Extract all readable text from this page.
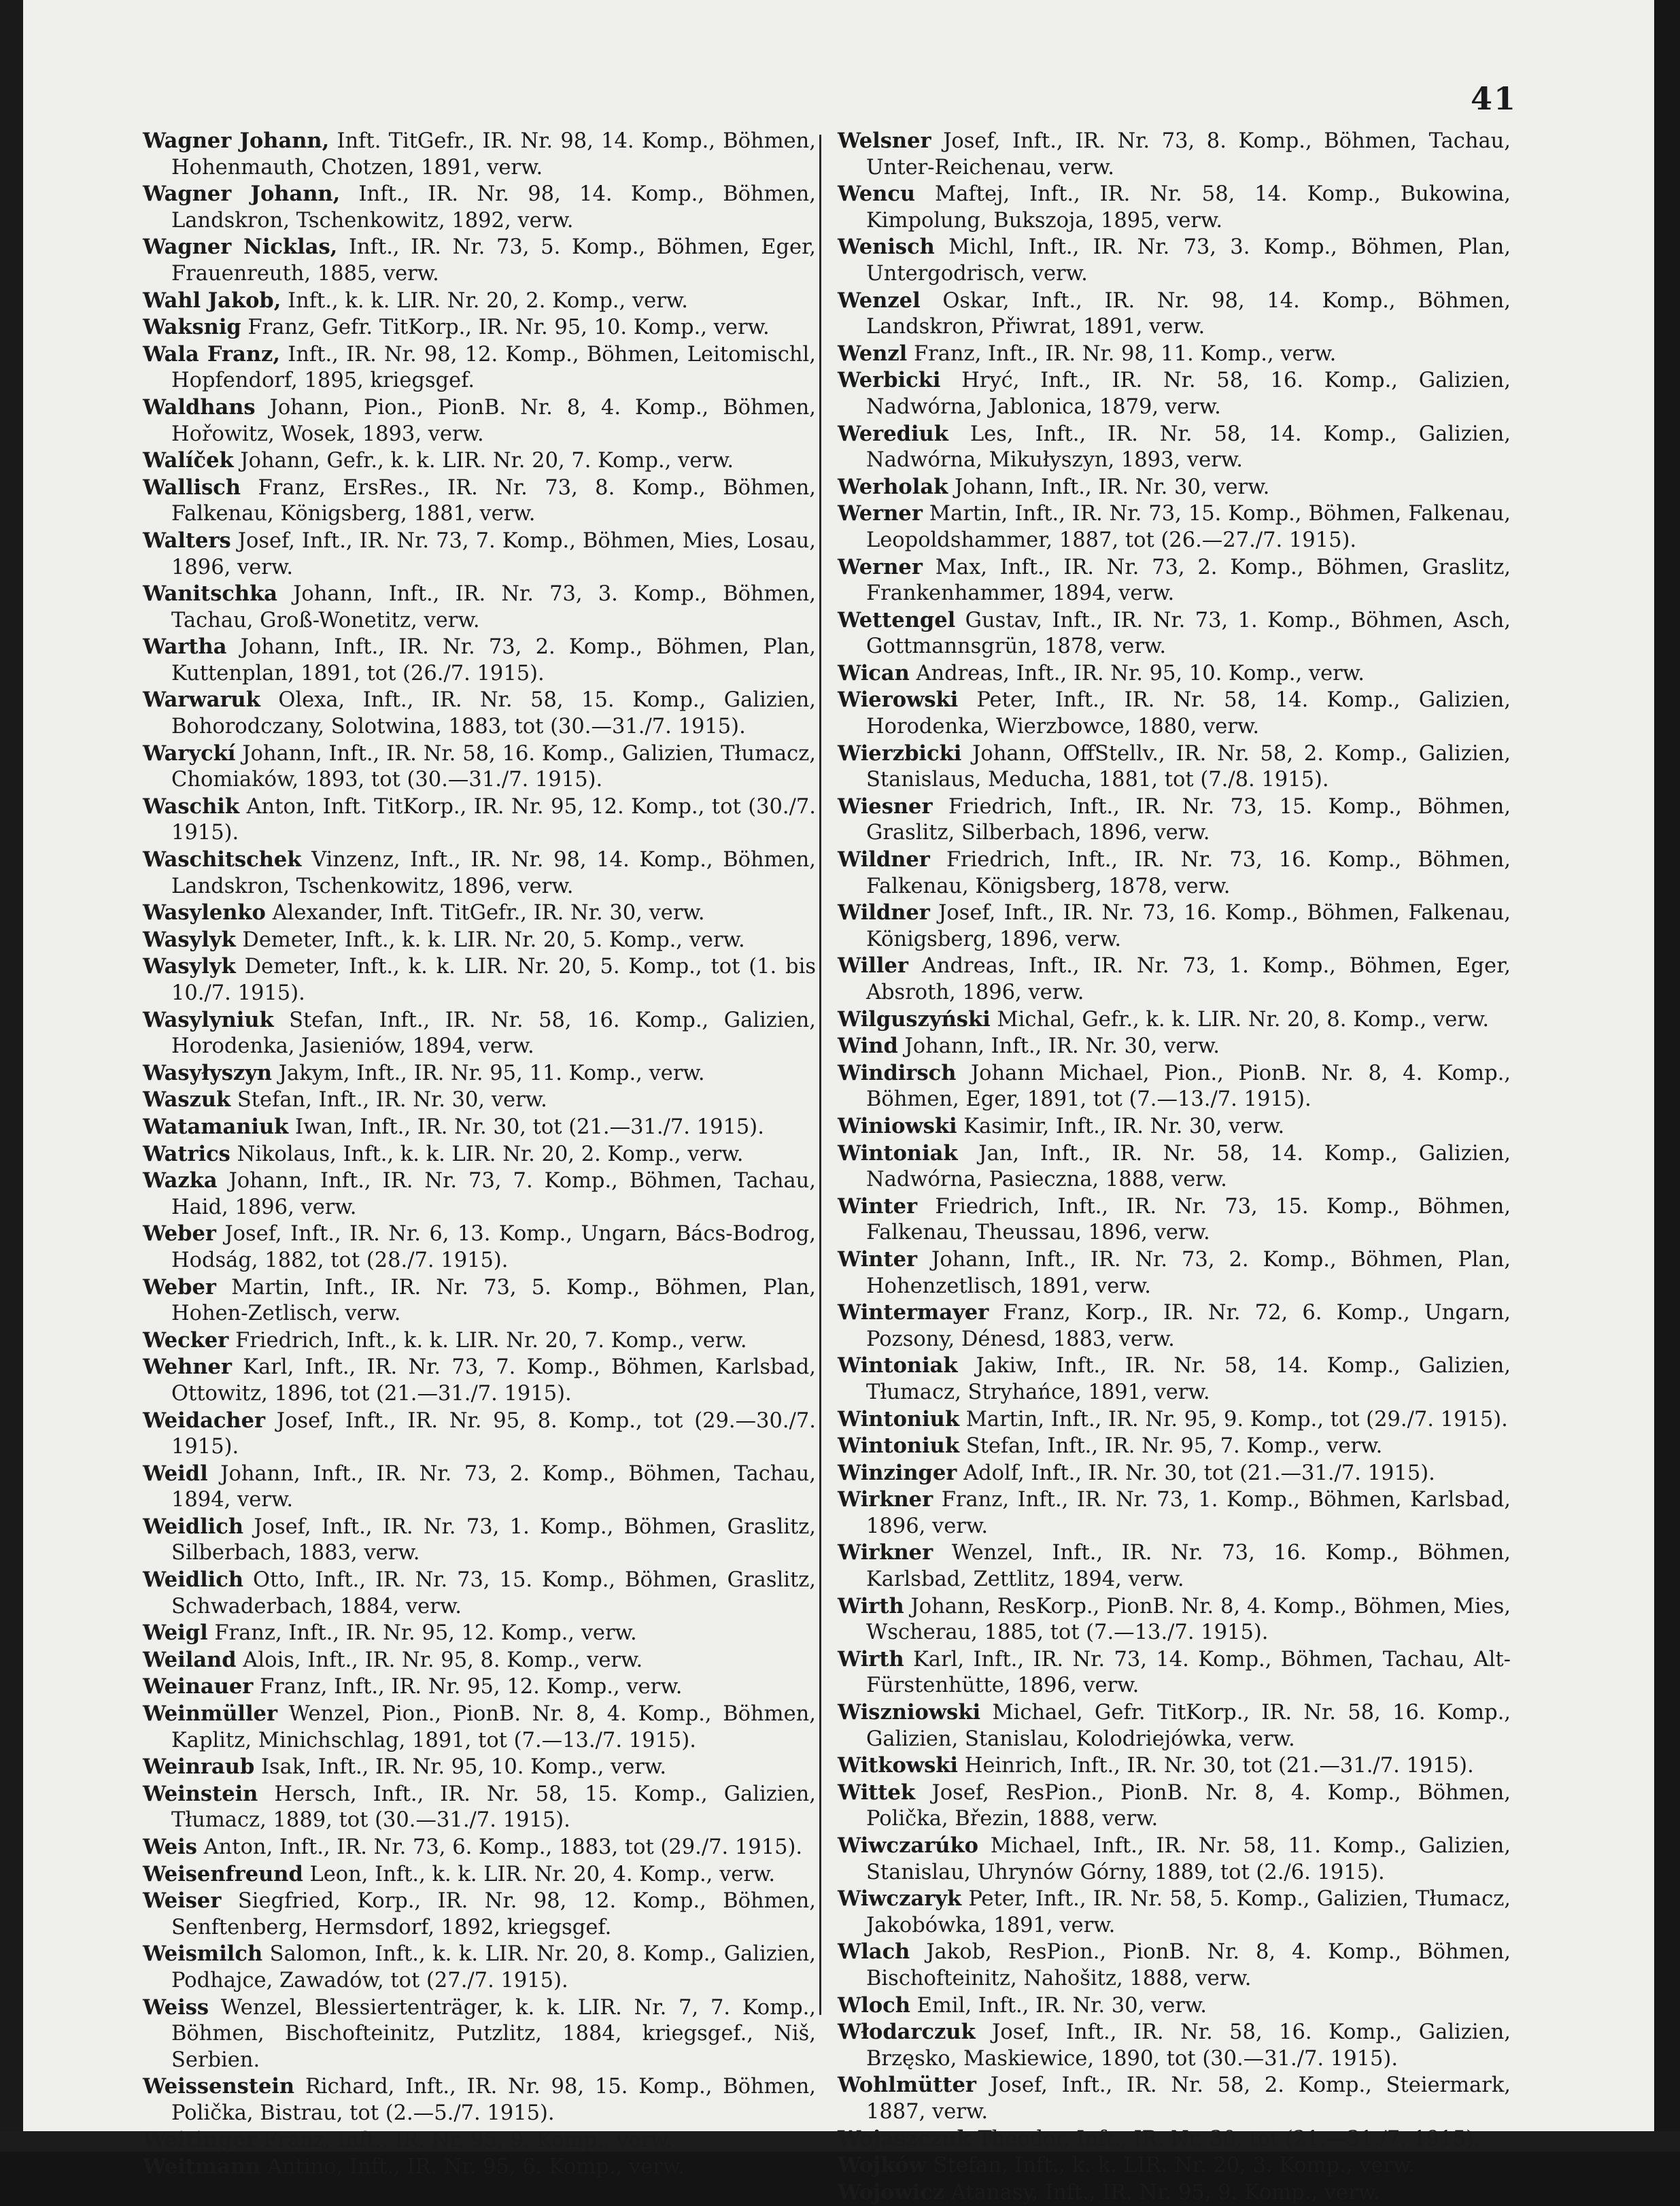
41
Wagner Johann, Inft. TitGefr., IR. Nr. 98, 14. Komp., Böhmen, Hohenmauth, Chotzen, 1891, verw.
Wagner Johann, Inft., IR. Nr. 98, 14. Komp., Böhmen, Landskron, Tschenkowitz, 1892, verw.
Wagner Nicklas, Inft., IR. Nr. 73, 5. Komp., Böhmen, Eger, Frauenreuth, 1885, verw.
Wahl Jakob, Inft., k. k. LIR. Nr. 20, 2. Komp., verw.
Waksnig Franz, Gefr. TitKorp., IR. Nr. 95, 10. Komp., verw.
Wala Franz, Inft., IR. Nr. 98, 12. Komp., Böhmen, Leitomischl, Hopfendorf, 1895, kriegsgef.
Waldhans Johann, Pion., PionB. Nr. 8, 4. Komp., Böhmen, Hořowitz, Wosek, 1893, verw.
Walíček Johann, Gefr., k. k. LIR. Nr. 20, 7. Komp., verw.
Wallisch Franz, ErsRes., IR. Nr. 73, 8. Komp., Böhmen, Falkenau, Königsberg, 1881, verw.
Walters Josef, Inft., IR. Nr. 73, 7. Komp., Böhmen, Mies, Losau, 1896, verw.
Wanitschka Johann, Inft., IR. Nr. 73, 3. Komp., Böhmen, Tachau, Groß-Wonetitz, verw.
Wartha Johann, Inft., IR. Nr. 73, 2. Komp., Böhmen, Plan, Kuttenplan, 1891, tot (26./7. 1915).
Warwaruk Olexa, Inft., IR. Nr. 58, 15. Komp., Galizien, Bohorodczany, Solotwina, 1883, tot (30.—31./7. 1915).
Waryckí Johann, Inft., IR. Nr. 58, 16. Komp., Galizien, Tłumacz, Chomiaków, 1893, tot (30.—31./7. 1915).
Waschik Anton, Inft. TitKorp., IR. Nr. 95, 12. Komp., tot (30./7. 1915).
Waschitschek Vinzenz, Inft., IR. Nr. 98, 14. Komp., Böhmen, Landskron, Tschenkowitz, 1896, verw.
Wasylenko Alexander, Inft. TitGefr., IR. Nr. 30, verw.
Wasylyk Demeter, Inft., k. k. LIR. Nr. 20, 5. Komp., verw.
Wasylyk Demeter, Inft., k. k. LIR. Nr. 20, 5. Komp., tot (1. bis 10./7. 1915).
Wasylyniuk Stefan, Inft., IR. Nr. 58, 16. Komp., Galizien, Horodenka, Jasieniów, 1894, verw.
Wasyłyszyn Jakym, Inft., IR. Nr. 95, 11. Komp., verw.
Waszuk Stefan, Inft., IR. Nr. 30, verw.
Watamaniuk Iwan, Inft., IR. Nr. 30, tot (21.—31./7. 1915).
Watrics Nikolaus, Inft., k. k. LIR. Nr. 20, 2. Komp., verw.
Wazka Johann, Inft., IR. Nr. 73, 7. Komp., Böhmen, Tachau, Haid, 1896, verw.
Weber Josef, Inft., IR. Nr. 6, 13. Komp., Ungarn, Bács-Bodrog, Hodság, 1882, tot (28./7. 1915).
Weber Martin, Inft., IR. Nr. 73, 5. Komp., Böhmen, Plan, Hohen-Zetlisch, verw.
Wecker Friedrich, Inft., k. k. LIR. Nr. 20, 7. Komp., verw.
Wehner Karl, Inft., IR. Nr. 73, 7. Komp., Böhmen, Karlsbad, Ottowitz, 1896, tot (21.—31./7. 1915).
Weidacher Josef, Inft., IR. Nr. 95, 8. Komp., tot (29.—30./7. 1915).
Weidl Johann, Inft., IR. Nr. 73, 2. Komp., Böhmen, Tachau, 1894, verw.
Weidlich Josef, Inft., IR. Nr. 73, 1. Komp., Böhmen, Graslitz, Silberbach, 1883, verw.
Weidlich Otto, Inft., IR. Nr. 73, 15. Komp., Böhmen, Graslitz, Schwaderbach, 1884, verw.
Weigl Franz, Inft., IR. Nr. 95, 12. Komp., verw.
Weiland Alois, Inft., IR. Nr. 95, 8. Komp., verw.
Weinauer Franz, Inft., IR. Nr. 95, 12. Komp., verw.
Weinmüller Wenzel, Pion., PionB. Nr. 8, 4. Komp., Böhmen, Kaplitz, Minichschlag, 1891, tot (7.—13./7. 1915).
Weinraub Isak, Inft., IR. Nr. 95, 10. Komp., verw.
Weinstein Hersch, Inft., IR. Nr. 58, 15. Komp., Galizien, Tłumacz, 1889, tot (30.—31./7. 1915).
Weis Anton, Inft., IR. Nr. 73, 6. Komp., 1883, tot (29./7. 1915).
Weisenfreund Leon, Inft., k. k. LIR. Nr. 20, 4. Komp., verw.
Weiser Siegfried, Korp., IR. Nr. 98, 12. Komp., Böhmen, Senftenberg, Hermsdorf, 1892, kriegsgef.
Weismilch Salomon, Inft., k. k. LIR. Nr. 20, 8. Komp., Galizien, Podhajce, Zawadów, tot (27./7. 1915).
Weiss Wenzel, Blessiertenträger, k. k. LIR. Nr. 7, 7. Komp., Böhmen, Bischofteinitz, Putzlitz, 1884, kriegsgef., Niš, Serbien.
Weissenstein Richard, Inft., IR. Nr. 98, 15. Komp., Böhmen, Polička, Bistrau, tot (2.—5./7. 1915).
Weitinger Franz, Inft., IR. Nr. 95, 9. Komp., verw.
Weitmann Antino, Inft., IR. Nr. 95, 6. Komp., verw.
Welsner Josef, Inft., IR. Nr. 73, 8. Komp., Böhmen, Tachau, Unter-Reichenau, verw.
Wencu Maftej, Inft., IR. Nr. 58, 14. Komp., Bukowina, Kimpolung, Bukszoja, 1895, verw.
Wenisch Michl, Inft., IR. Nr. 73, 3. Komp., Böhmen, Plan, Untergodrisch, verw.
Wenzel Oskar, Inft., IR. Nr. 98, 14. Komp., Böhmen, Landskron, Přiwrat, 1891, verw.
Wenzl Franz, Inft., IR. Nr. 98, 11. Komp., verw.
Werbicki Hryć, Inft., IR. Nr. 58, 16. Komp., Galizien, Nadwórna, Jablonica, 1879, verw.
Werediuk Les, Inft., IR. Nr. 58, 14. Komp., Galizien, Nadwórna, Mikułyszyn, 1893, verw.
Werholak Johann, Inft., IR. Nr. 30, verw.
Werner Martin, Inft., IR. Nr. 73, 15. Komp., Böhmen, Falkenau, Leopoldshammer, 1887, tot (26.—27./7. 1915).
Werner Max, Inft., IR. Nr. 73, 2. Komp., Böhmen, Graslitz, Frankenhammer, 1894, verw.
Wettengel Gustav, Inft., IR. Nr. 73, 1. Komp., Böhmen, Asch, Gottmannsgrün, 1878, verw.
Wican Andreas, Inft., IR. Nr. 95, 10. Komp., verw.
Wierowski Peter, Inft., IR. Nr. 58, 14. Komp., Galizien, Horodenka, Wierzbowce, 1880, verw.
Wierzbicki Johann, OffStellv., IR. Nr. 58, 2. Komp., Galizien, Stanislaus, Meducha, 1881, tot (7./8. 1915).
Wiesner Friedrich, Inft., IR. Nr. 73, 15. Komp., Böhmen, Graslitz, Silberbach, 1896, verw.
Wildner Friedrich, Inft., IR. Nr. 73, 16. Komp., Böhmen, Falkenau, Königsberg, 1878, verw.
Wildner Josef, Inft., IR. Nr. 73, 16. Komp., Böhmen, Falkenau, Königsberg, 1896, verw.
Willer Andreas, Inft., IR. Nr. 73, 1. Komp., Böhmen, Eger, Absroth, 1896, verw.
Wilguszyński Michal, Gefr., k. k. LIR. Nr. 20, 8. Komp., verw.
Wind Johann, Inft., IR. Nr. 30, verw.
Windirsch Johann Michael, Pion., PionB. Nr. 8, 4. Komp., Böhmen, Eger, 1891, tot (7.—13./7. 1915).
Winiowski Kasimir, Inft., IR. Nr. 30, verw.
Wintoniak Jan, Inft., IR. Nr. 58, 14. Komp., Galizien, Nadwórna, Pasieczna, 1888, verw.
Winter Friedrich, Inft., IR. Nr. 73, 15. Komp., Böhmen, Falkenau, Theussau, 1896, verw.
Winter Johann, Inft., IR. Nr. 73, 2. Komp., Böhmen, Plan, Hohenzetlisch, 1891, verw.
Wintermayer Franz, Korp., IR. Nr. 72, 6. Komp., Ungarn, Pozsony, Dénesd, 1883, verw.
Wintoniak Jakiw, Inft., IR. Nr. 58, 14. Komp., Galizien, Tłumacz, Stryhańce, 1891, verw.
Wintoniuk Martin, Inft., IR. Nr. 95, 9. Komp., tot (29./7. 1915).
Wintoniuk Stefan, Inft., IR. Nr. 95, 7. Komp., verw.
Winzinger Adolf, Inft., IR. Nr. 30, tot (21.—31./7. 1915).
Wirkner Franz, Inft., IR. Nr. 73, 1. Komp., Böhmen, Karlsbad, 1896, verw.
Wirkner Wenzel, Inft., IR. Nr. 73, 16. Komp., Böhmen, Karlsbad, Zettlitz, 1894, verw.
Wirth Johann, ResKorp., PionB. Nr. 8, 4. Komp., Böhmen, Mies, Wscherau, 1885, tot (7.—13./7. 1915).
Wirth Karl, Inft., IR. Nr. 73, 14. Komp., Böhmen, Tachau, Alt-Fürstenhütte, 1896, verw.
Wiszniowski Michael, Gefr. TitKorp., IR. Nr. 58, 16. Komp., Galizien, Stanislau, Kolodriejówka, verw.
Witkowski Heinrich, Inft., IR. Nr. 30, tot (21.—31./7. 1915).
Wittek Josef, ResPion., PionB. Nr. 8, 4. Komp., Böhmen, Polička, Březin, 1888, verw.
Wiwczarúko Michael, Inft., IR. Nr. 58, 11. Komp., Galizien, Stanislau, Uhrynów Górny, 1889, tot (2./6. 1915).
Wiwczaryk Peter, Inft., IR. Nr. 58, 5. Komp., Galizien, Tłumacz, Jakobówka, 1891, verw.
Wlach Jakob, ResPion., PionB. Nr. 8, 4. Komp., Böhmen, Bischofteinitz, Nahošitz, 1888, verw.
Wloch Emil, Inft., IR. Nr. 30, verw.
Włodarczuk Josef, Inft., IR. Nr. 58, 16. Komp., Galizien, Brzęsko, Maskiewice, 1890, tot (30.—31./7. 1915).
Wohlmütter Josef, Inft., IR. Nr. 58, 2. Komp., Steiermark, 1887, verw.
Wojaszczuk Theodor, Inft., IR. Nr. 30, tot (21.—31./7. 1915).
Wojków Stefan, Inft., k. k. LIR. Nr. 20, 3. Komp., verw.
Wojowicz Atanasy, Inft., IR. Nr. 95, 9. Komp., verw.
